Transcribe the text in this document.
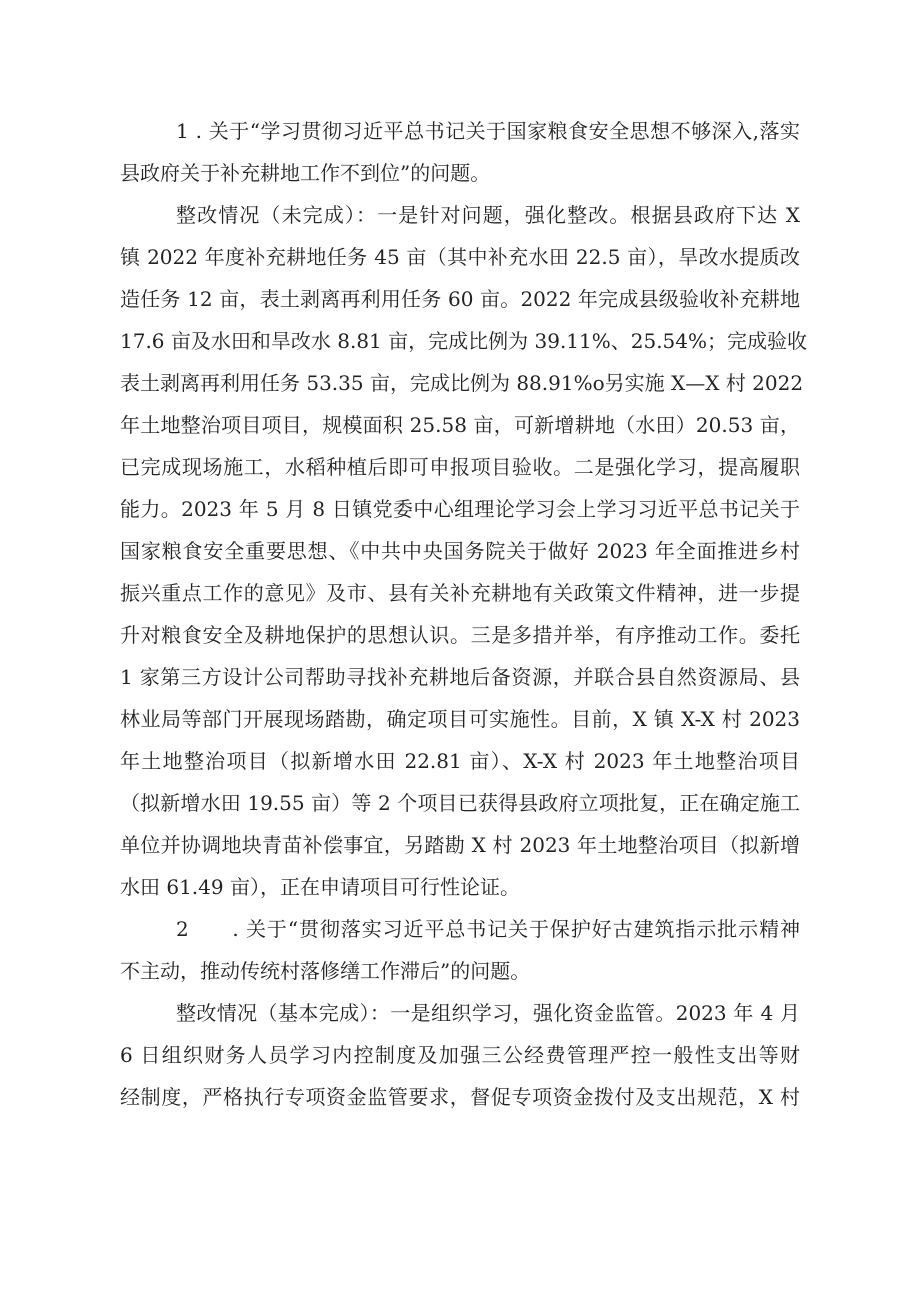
1 . 关于“学习贯彻习近平总书记关于国家粮食安全思想不够深入,落实
县政府关于补充耕地工作不到位”的问题。
整改情况（未完成）：一是针对问题，强化整改。根据县政府下达 X
镇 2022 年度补充耕地任务 45 亩（其中补充水田 22.5 亩），旱改水提质改
造任务 12 亩，表土剥离再利用任务 60 亩。2022 年完成县级验收补充耕地
17.6 亩及水田和旱改水 8.81 亩，完成比例为 39.11%、25.54%；完成验收
表土剥离再利用任务 53.35 亩，完成比例为 88.91%o另实施 X—X 村 2022
年土地整治项目项目，规模面积 25.58 亩，可新增耕地（水田）20.53 亩，
已完成现场施工，水稻种植后即可申报项目验收。二是强化学习，提高履职
能力。2023 年 5 月 8 日镇党委中心组理论学习会上学习习近平总书记关于
国家粮食安全重要思想、《中共中央国务院关于做好 2023 年全面推进乡村
振兴重点工作的意见》及市、县有关补充耕地有关政策文件精神，进一步提
升对粮食安全及耕地保护的思想认识。三是多措并举，有序推动工作。委托
1 家第三方设计公司帮助寻找补充耕地后备资源，并联合县自然资源局、县
林业局等部门开展现场踏勘，确定项目可实施性。目前，X 镇 X-X 村 2023
年土地整治项目（拟新增水田 22.81 亩）、X-X 村 2023 年土地整治项目
（拟新增水田 19.55 亩）等 2 个项目已获得县政府立项批复，正在确定施工
单位并协调地块青苗补偿事宜，另踏勘 X 村 2023 年土地整治项目（拟新增
水田 61.49 亩），正在申请项目可行性论证。
2      . 关于“贯彻落实习近平总书记关于保护好古建筑指示批示精神
不主动，推动传统村落修缮工作滞后”的问题。
整改情况（基本完成）：一是组织学习，强化资金监管。2023 年 4 月
6 日组织财务人员学习内控制度及加强三公经费管理严控一般性支出等财
经制度，严格执行专项资金监管要求，督促专项资金拨付及支出规范，X 村
